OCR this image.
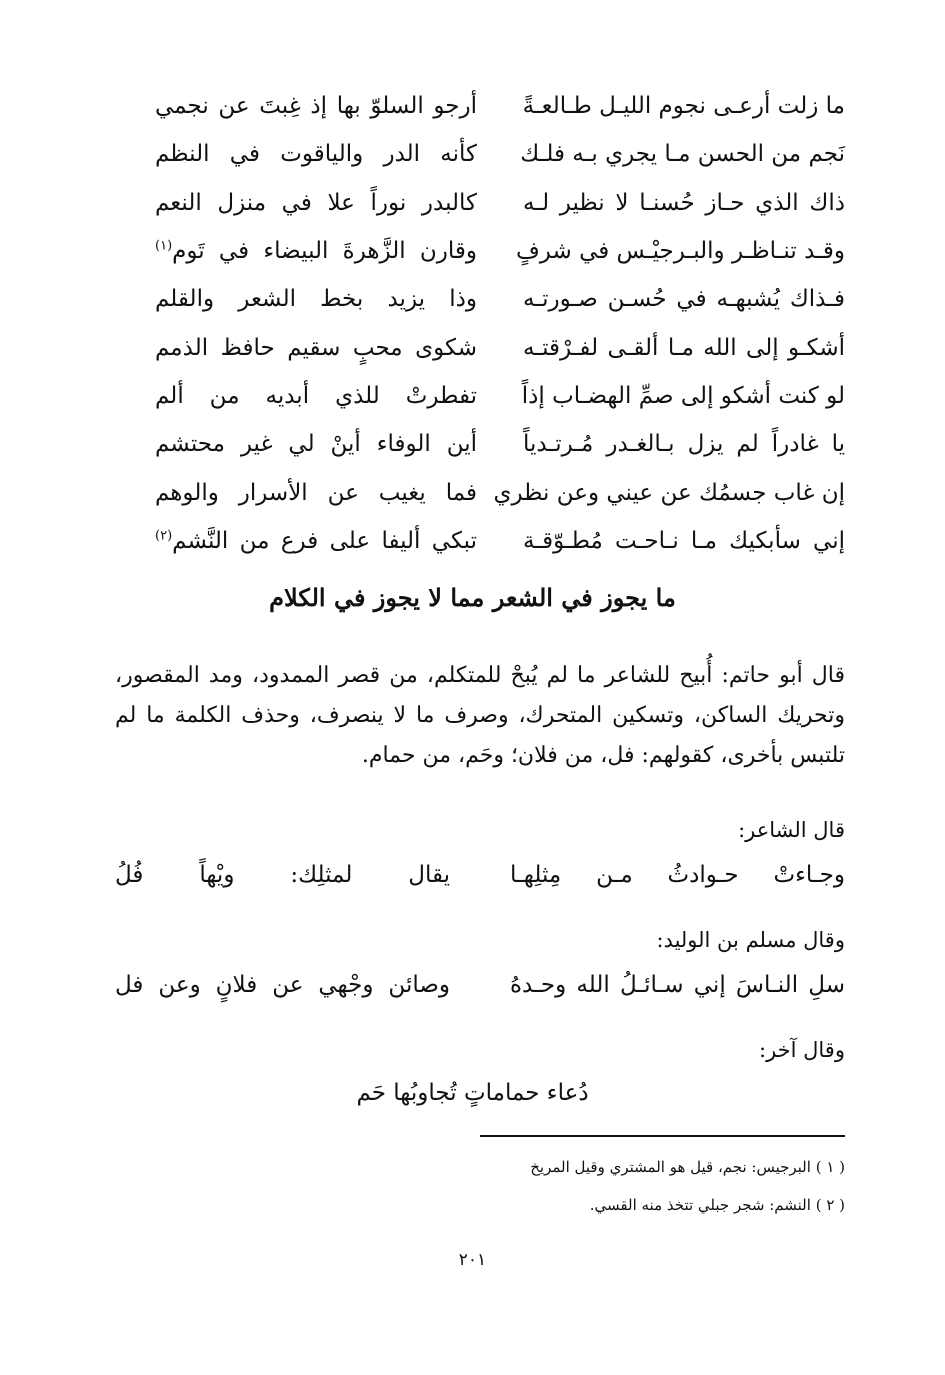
ما زلت أرعـى نجوم الليـل طـالعـةً
أرجو السلوّ بها إذ غِبتَ عن نجمي
نَجم من الحسن مـا يجري بـه فلـك
كأنه الدر والياقوت في النظم
ذاك الذي حـاز حُسنـا لا نظير لـه
كالبدر نوراً علا في منزل النعم
وقـد تنـاظـر والبـرجيْـس في شرفٍ
وقارن الزَّهرةَ البيضاء في تَوم$^{(١)}$
فـذاك يُشبهـه في حُسـن صـورتـه
وذا يزيد بخط الشعر والقلم
أشكـو إلى الله مـا ألقـى لفـرْقتـه
شكوى محبٍ سقيم حافظ الذمم
لو كنت أشكو إلى صمِّ الهضـاب إذاً
تفطرتْ للذي أبديه من ألم
يا غادراً لم يزل بـالغـدر مُـرتـدياً
أين الوفاء أينْ لي غير محتشم
إن غاب جسمُك عن عيني وعن نظري
فما يغيب عن الأسرار والوهم
إني سأبكيك مـا نـاحـت مُطـوّقـة
تبكي أليفا على فرع من النَّشم$^{(٢)}$
ما يجوز في الشعر مما لا يجوز في الكلام
قال أبو حاتم: أُبيح للشاعر ما لم يُبحْ للمتكلم، من قصر الممدود، ومد المقصور،
وتحريك الساكن، وتسكين المتحرك، وصرف ما لا ينصرف، وحذف الكلمة ما لم
تلتبس بأخرى، كقولهم: فل، من فلان؛ وحَم، من حمام.
قال الشاعر:
وجـاءتْ حـوادثُ مـن مِثلِهـا
يقال لمثلِك: ويْهاً فُلُ
وقال مسلم بن الوليد:
سلِ النـاسَ إني سـائـلُ الله وحـدهُ
وصائن وجْهي عن فلانٍ وعن فل
وقال آخر:
دُعاء حماماتٍ تُجاوبُها حَم
( ١ ) البرجيس: نجم، قيل هو المشتري وقيل المريخ
( ٢ ) النشم: شجر جبلي تتخذ منه القسي.
٢٠١
